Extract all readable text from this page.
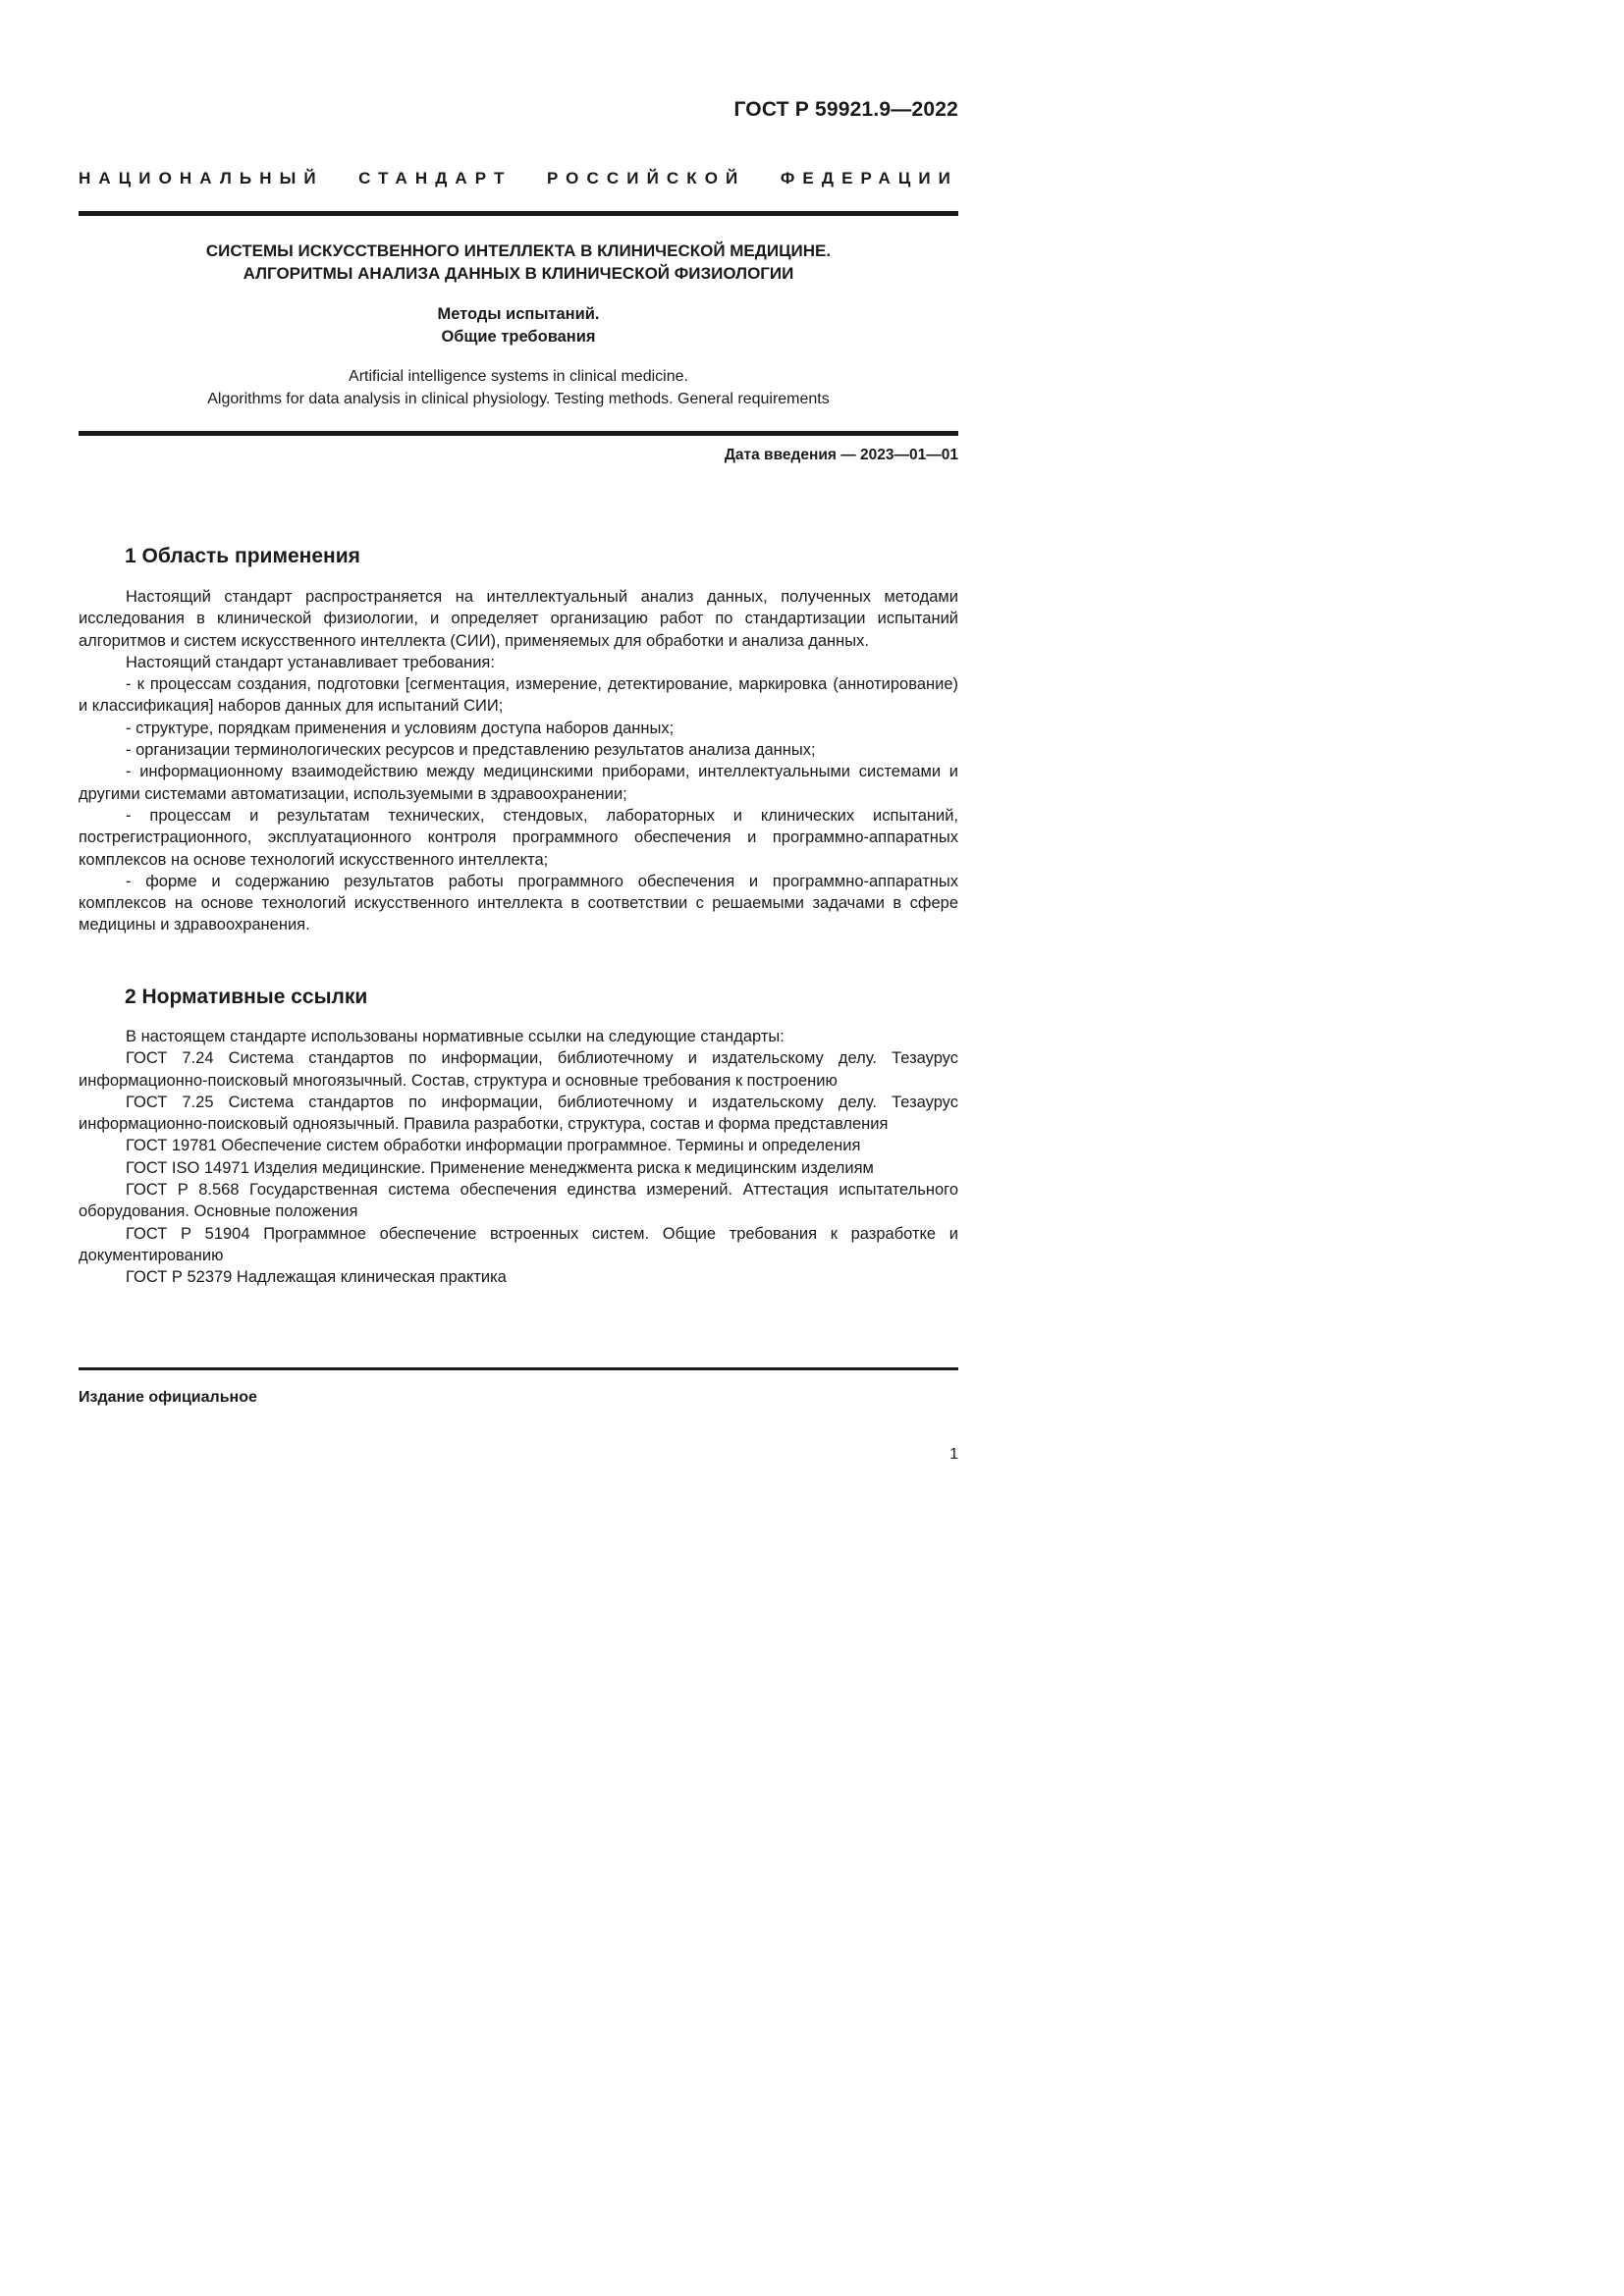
ГОСТ Р 59921.9—2022
НАЦИОНАЛЬНЫЙ СТАНДАРТ РОССИЙСКОЙ ФЕДЕРАЦИИ
СИСТЕМЫ ИСКУССТВЕННОГО ИНТЕЛЛЕКТА В КЛИНИЧЕСКОЙ МЕДИЦИНЕ.
АЛГОРИТМЫ АНАЛИЗА ДАННЫХ В КЛИНИЧЕСКОЙ ФИЗИОЛОГИИ
Методы испытаний.
Общие требования
Artificial intelligence systems in clinical medicine.
Algorithms for data analysis in clinical physiology. Testing methods. General requirements
Дата введения — 2023—01—01
1 Область применения

Настоящий стандарт распространяется на интеллектуальный анализ данных, полученных методами исследования в клинической физиологии, и определяет организацию работ по стандартизации испытаний алгоритмов и систем искусственного интеллекта (СИИ), применяемых для обработки и анализа данных.

Настоящий стандарт устанавливает требования:

- к процессам создания, подготовки [сегментация, измерение, детектирование, маркировка (аннотирование) и классификация] наборов данных для испытаний СИИ;

- структуре, порядкам применения и условиям доступа наборов данных;

- организации терминологических ресурсов и представлению результатов анализа данных;

- информационному взаимодействию между медицинскими приборами, интеллектуальными системами и другими системами автоматизации, используемыми в здравоохранении;

- процессам и результатам технических, стендовых, лабораторных и клинических испытаний, пострегистрационного, эксплуатационного контроля программного обеспечения и программно-аппаратных комплексов на основе технологий искусственного интеллекта;

- форме и содержанию результатов работы программного обеспечения и программно-аппаратных комплексов на основе технологий искусственного интеллекта в соответствии с решаемыми задачами в сфере медицины и здравоохранения.

2 Нормативные ссылки

В настоящем стандарте использованы нормативные ссылки на следующие стандарты:

ГОСТ 7.24 Система стандартов по информации, библиотечному и издательскому делу. Тезаурус информационно-поисковый многоязычный. Состав, структура и основные требования к построению

ГОСТ 7.25 Система стандартов по информации, библиотечному и издательскому делу. Тезаурус информационно-поисковый одноязычный. Правила разработки, структура, состав и форма представления

ГОСТ 19781 Обеспечение систем обработки информации программное. Термины и определения

ГОСТ ISO 14971 Изделия медицинские. Применение менеджмента риска к медицинским изделиям

ГОСТ Р 8.568 Государственная система обеспечения единства измерений. Аттестация испытательного оборудования. Основные положения

ГОСТ Р 51904 Программное обеспечение встроенных систем. Общие требования к разработке и документированию

ГОСТ Р 52379 Надлежащая клиническая практика

Издание официальное
1
